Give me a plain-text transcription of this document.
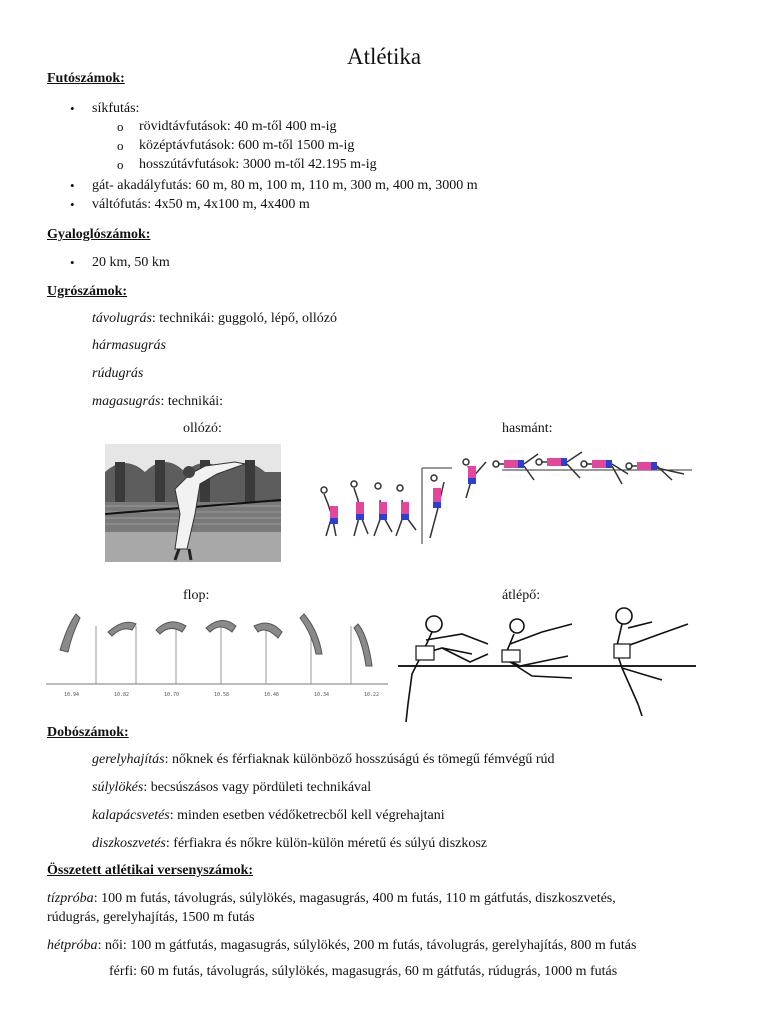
Atlétika
Futószámok:
• síkfutás:
o rövidtávfutások: 40 m-től 400 m-ig
o középtávfutások: 600 m-től 1500 m-ig
o hosszútávfutások: 3000 m-től 42.195 m-ig
• gát- akadályfutás: 60 m, 80 m, 100 m, 110 m, 300 m, 400 m, 3000 m
• váltófutás: 4x50 m, 4x100 m, 4x400 m
Gyaloglószámok:
• 20 km, 50 km
Ugrószámok:
távolugrás: technikái: guggoló, lépő, ollózó
hármasugrás
rúdugrás
magasugrás: technikái:
ollózó:	hasmánt:
flop:	átlépő:
10.94	10.82	10.70	10.58	10.46	10.34	10.22
Dobószámok:
gerelyhajítás: nőknek és férfiaknak különböző hosszúságú és tömegű fémvégű rúd
súlylökés: becsúszásos vagy pördületi technikával
kalapácsvetés: minden esetben védőketrecből kell végrehajtani
diszkoszvetés: férfiakra és nőkre külön-külön méretű és súlyú diszkosz
Összetett atlétikai versenyszámok:
tízpróba: 100 m futás, távolugrás, súlylökés, magasugrás, 400 m futás, 110 m gátfutás, diszkoszvetés,
rúdugrás, gerelyhajítás, 1500 m futás
hétpróba: női: 100 m gátfutás, magasugrás, súlylökés, 200 m futás, távolugrás, gerelyhajítás, 800 m futás
férfi: 60 m futás, távolugrás, súlylökés, magasugrás, 60 m gátfutás, rúdugrás, 1000 m futás
